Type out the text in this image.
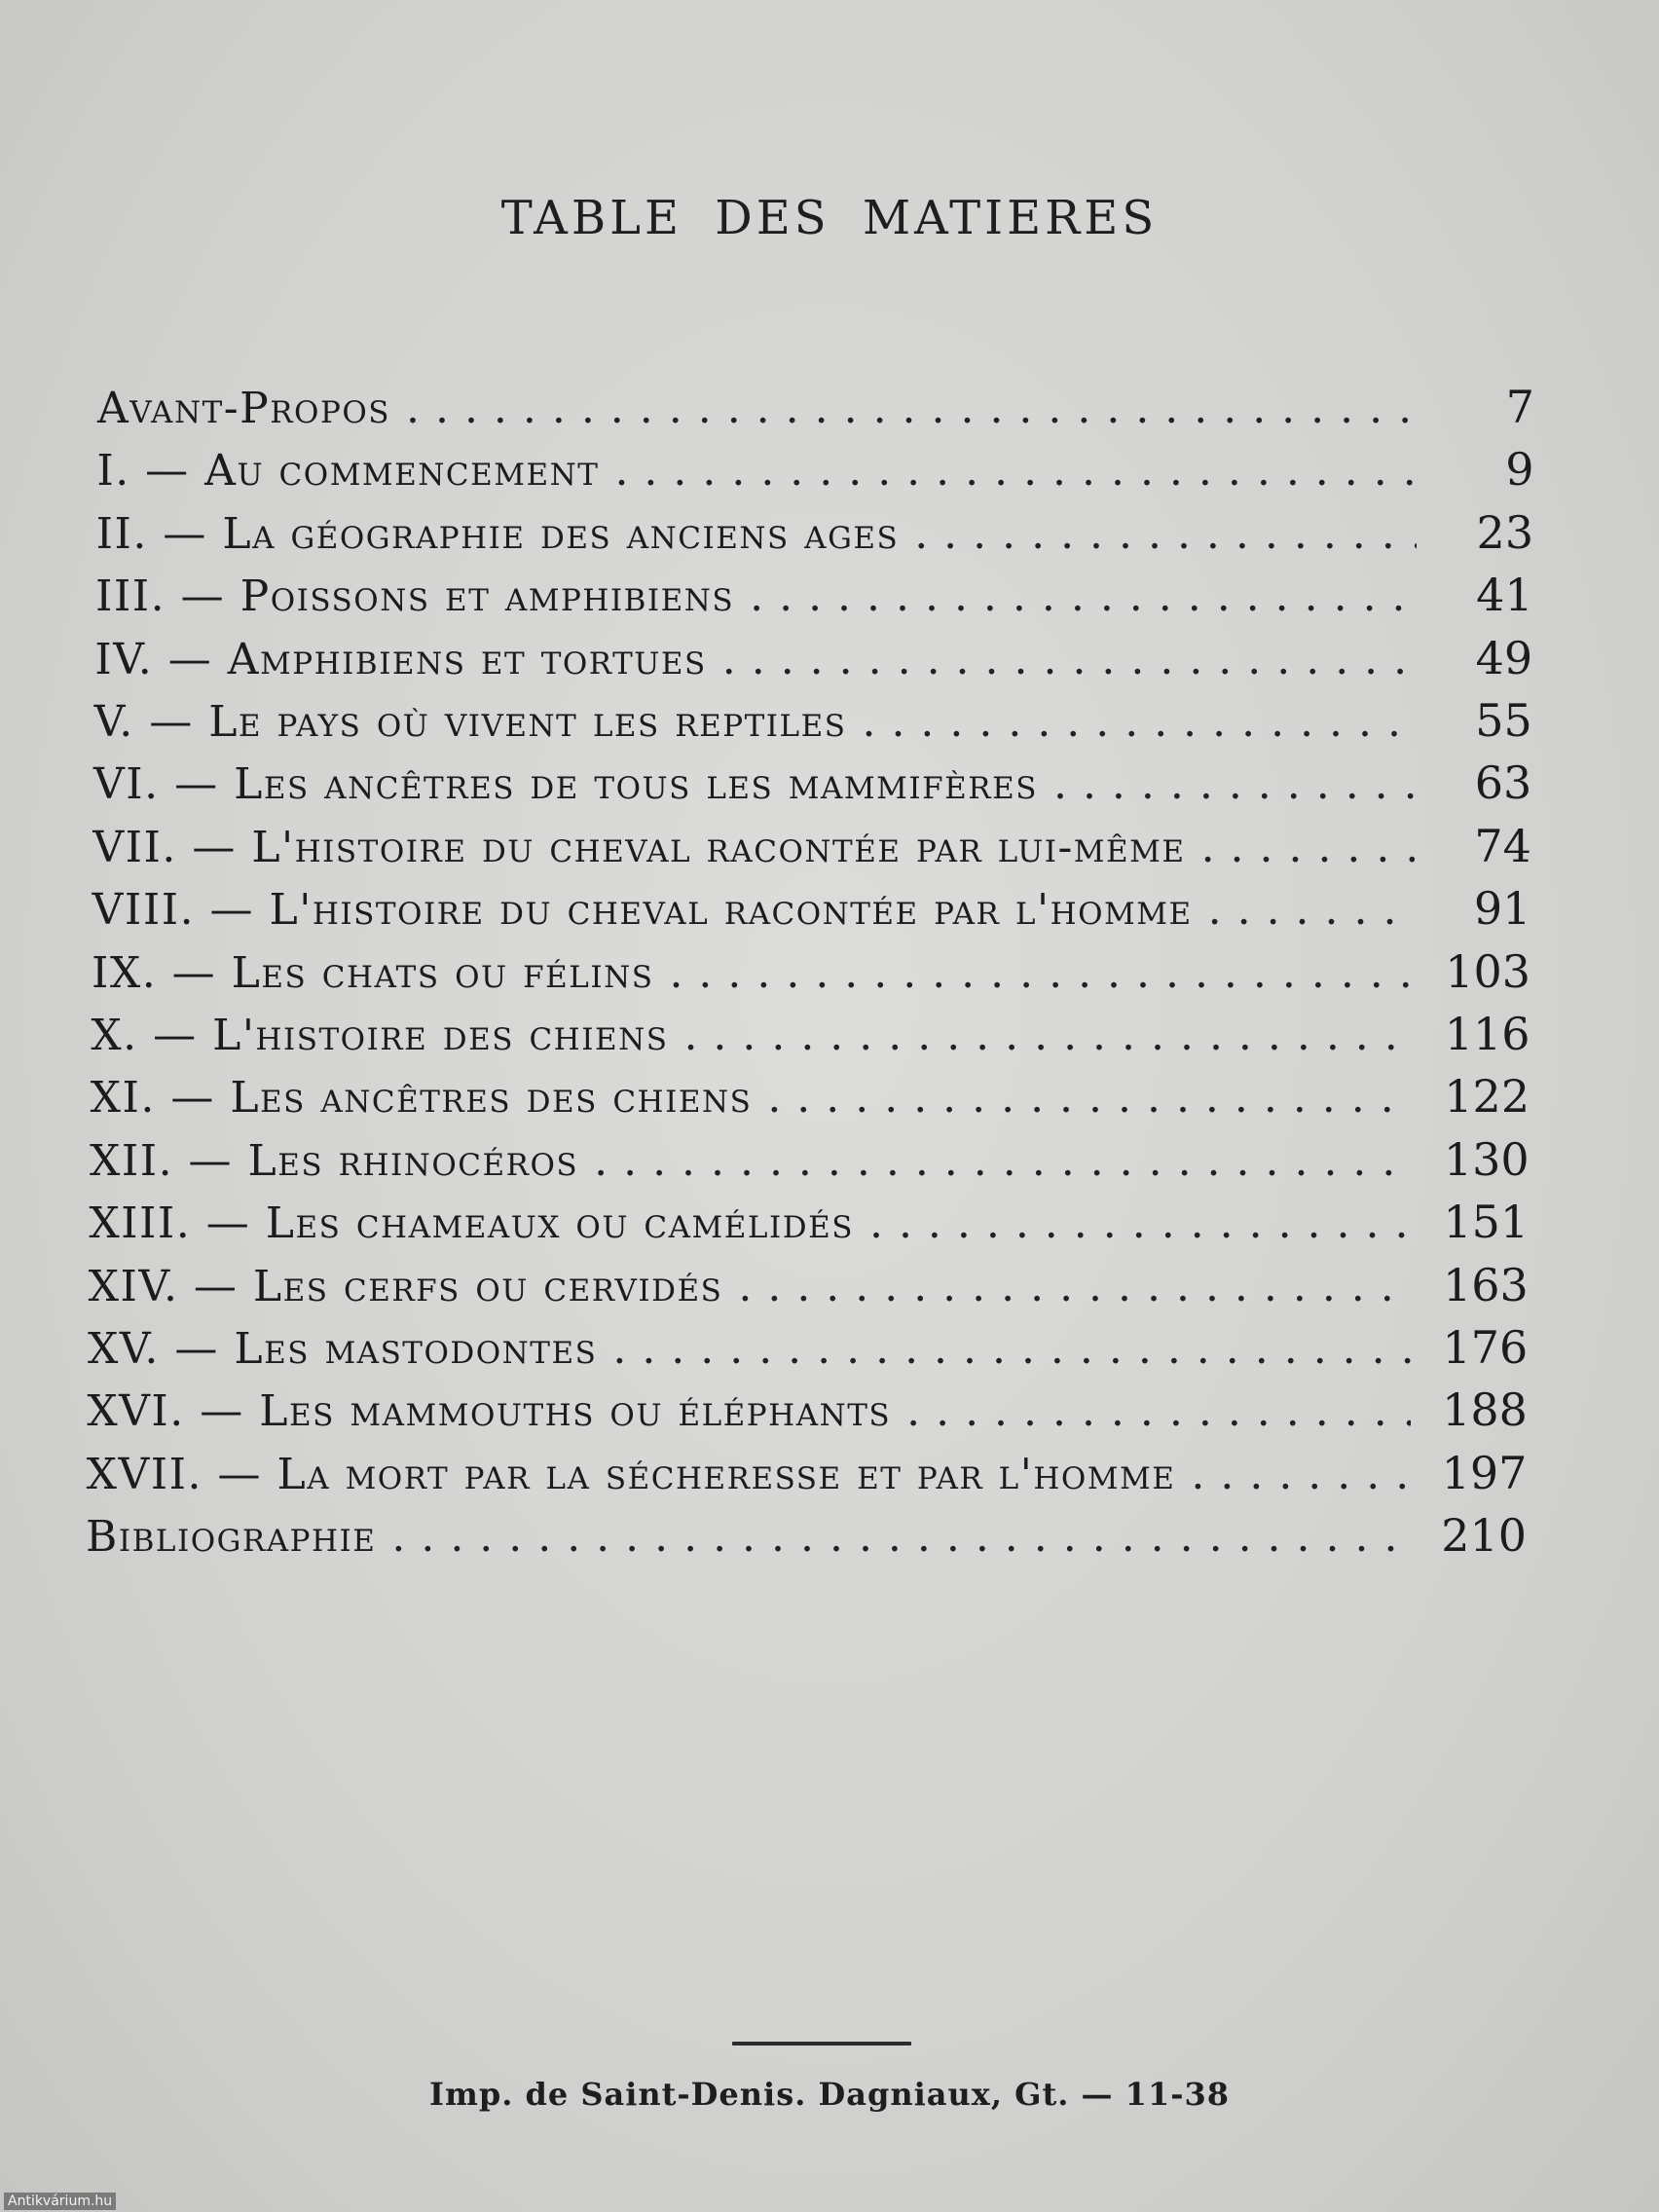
TABLE DES MATIERES
Avant-Propos . . .	7
I. — Au commencement . . .	9
II. — La géographie des anciens ages . . .	23
III. — Poissons et amphibiens . . .	41
IV. — Amphibiens et tortues . . .	49
V. — Le pays où vivent les reptiles . . .	55
VI. — Les ancêtres de tous les mammifères . . .	63
VII. — L'histoire du cheval racontée par lui-même . . .	74
VIII. — L'histoire du cheval racontée par l'homme . . .	91
IX. — Les chats ou félins . . .	103
X. — L'histoire des chiens . . .	116
XI. — Les ancêtres des chiens . . .	122
XII. — Les rhinocéros . . .	130
XIII. — Les chameaux ou camélidés . . .	151
XIV. — Les cerfs ou cervidés . . .	163
XV. — Les mastodontes . . .	176
XVI. — Les mammouths ou éléphants . . .	188
XVII. — La mort par la sécheresse et par l'homme . . .	197
Bibliographie . . .	210
Imp. de Saint-Denis. Dagniaux, Gt. — 11-38
Antikvárium.hu
